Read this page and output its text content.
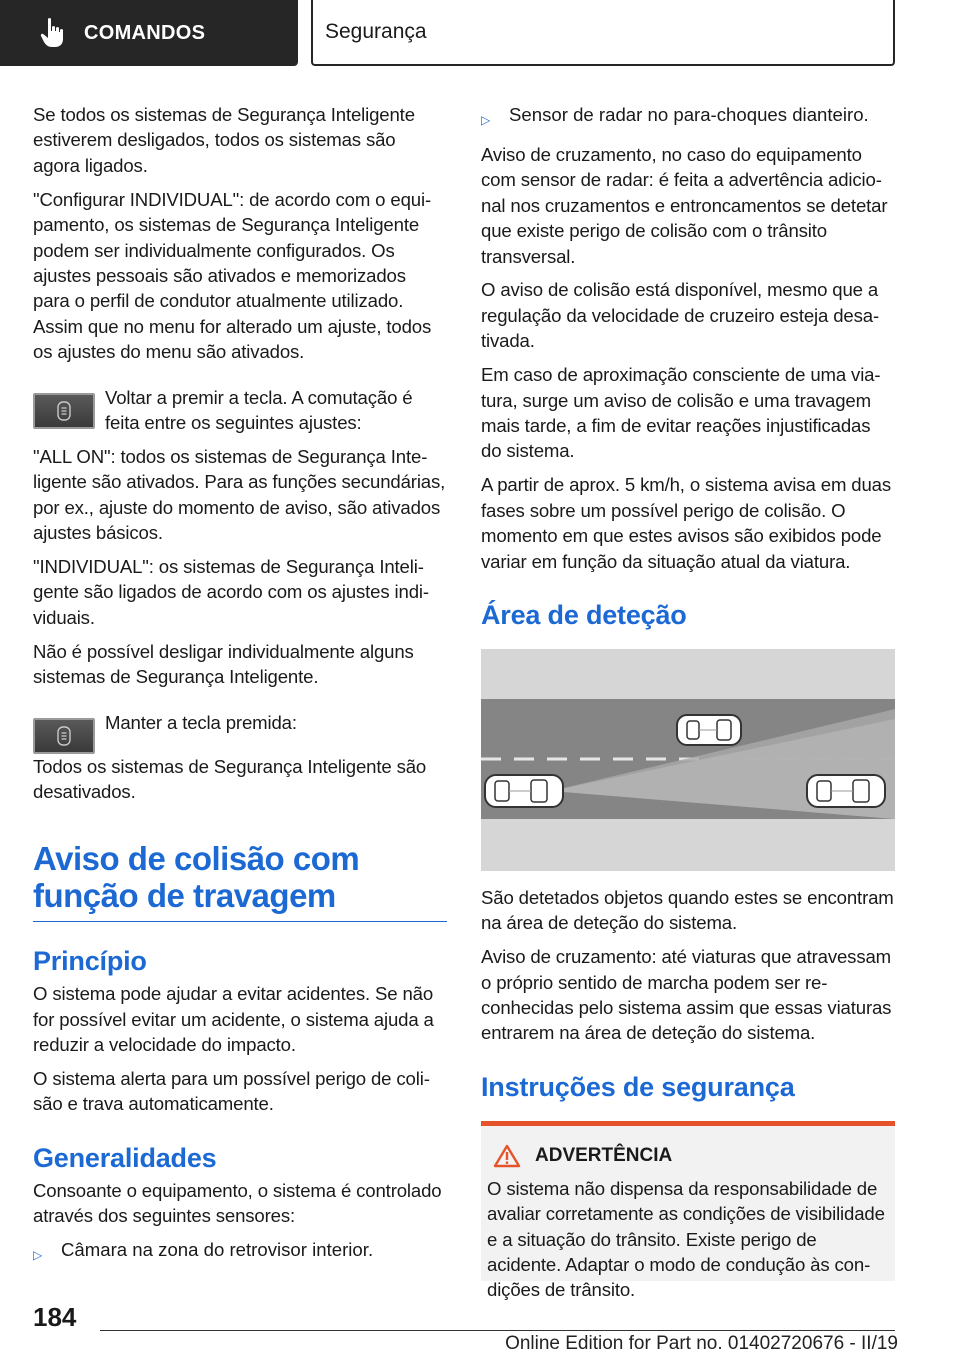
COMANDOS	Segurança

Se todos os sistemas de Segurança Inteligente estiverem desligados, todos os sistemas são agora ligados.

"Configurar INDIVIDUAL": de acordo com o equipamento, os sistemas de Segurança Inteligente podem ser individualmente configurados. Os ajustes pessoais são ativados e memorizados para o perfil de condutor atualmente utilizado. Assim que no menu for alterado um ajuste, todos os ajustes do menu são ativados.

Voltar a premir a tecla. A comutação é feita entre os seguintes ajustes:

"ALL ON": todos os sistemas de Segurança Inteligente são ativados. Para as funções secundárias, por ex., ajuste do momento de aviso, são ativados ajustes básicos.

"INDIVIDUAL": os sistemas de Segurança Inteligente são ligados de acordo com os ajustes individuais.

Não é possível desligar individualmente alguns sistemas de Segurança Inteligente.

Manter a tecla premida:

Todos os sistemas de Segurança Inteligente são desativados.

Aviso de colisão com função de travagem
Princípio

O sistema pode ajudar a evitar acidentes. Se não for possível evitar um acidente, o sistema ajuda a reduzir a velocidade do impacto.

O sistema alerta para um possível perigo de colisão e trava automaticamente.

Generalidades

Consoante o equipamento, o sistema é controlado através dos seguintes sensores:

▷	Câmara na zona do retrovisor interior.
▷	Sensor de radar no para-choques dianteiro.

Aviso de cruzamento, no caso do equipamento com sensor de radar: é feita a advertência adicional nos cruzamentos e entroncamentos se detetar que existe perigo de colisão com o trânsito transversal.

O aviso de colisão está disponível, mesmo que a regulação da velocidade de cruzeiro esteja desativada.

Em caso de aproximação consciente de uma viatura, surge um aviso de colisão e uma travagem mais tarde, a fim de evitar reações injustificadas do sistema.

A partir de aprox. 5 km/h, o sistema avisa em duas fases sobre um possível perigo de colisão. O momento em que estes avisos são exibidos pode variar em função da situação atual da viatura.

Área de deteção

São detetados objetos quando estes se encontram na área de deteção do sistema.

Aviso de cruzamento: até viaturas que atravessam o próprio sentido de marcha podem ser reconhecidas pelo sistema assim que essas viaturas entrarem na área de deteção do sistema.

Instruções de segurança
ADVERTÊNCIA

O sistema não dispensa da responsabilidade de avaliar corretamente as condições de visibilidade e a situação do trânsito. Existe perigo de acidente. Adaptar o modo de condução às condições de trânsito.

184
Online Edition for Part no. 01402720676 - II/19
